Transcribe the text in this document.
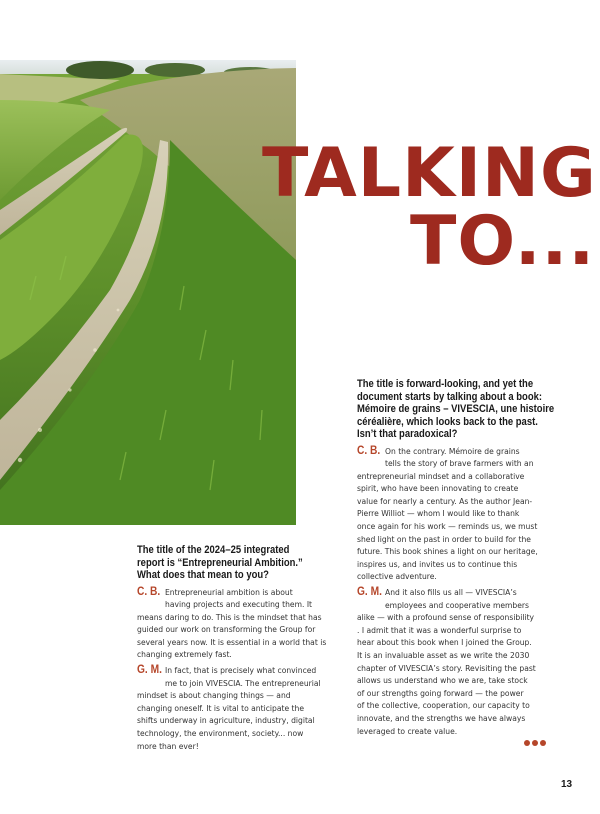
TALKING
TO...
The title of the 2024–25 integrated
report is “Entrepreneurial Ambition.”
What does that mean to you?
C. B. Entrepreneurial ambition is about
having projects and executing them. It
means daring to do. This is the mindset that has
guided our work on transforming the Group for
several years now. It is essential in a world that is
changing extremely fast.
G. M. In fact, that is precisely what convinced
me to join VIVESCIA. The entrepreneurial
mindset is about changing things — and
changing oneself. It is vital to anticipate the
shifts underway in agriculture, industry, digital
technology, the environment, society... now
more than ever!
The title is forward-looking, and yet the
document starts by talking about a book:
Mémoire de grains – VIVESCIA, une histoire
céréalière, which looks back to the past.
Isn’t that paradoxical?
C. B. On the contrary. Mémoire de grains
tells the story of brave farmers with an
entrepreneurial mindset and a collaborative
spirit, who have been innovating to create
value for nearly a century. As the author Jean-
Pierre Williot — whom I would like to thank
once again for his work — reminds us, we must
shed light on the past in order to build for the
future. This book shines a light on our heritage,
inspires us, and invites us to continue this
collective adventure.
G. M. And it also fills us all — VIVESCIA’s
employees and cooperative members
alike — with a profound sense of responsibility
. I admit that it was a wonderful surprise to
hear about this book when I joined the Group.
It is an invaluable asset as we write the 2030
chapter of VIVESCIA’s story. Revisiting the past
allows us understand who we are, take stock
of our strengths going forward — the power
of the collective, cooperation, our capacity to
innovate, and the strengths we have always
leveraged to create value.
13
